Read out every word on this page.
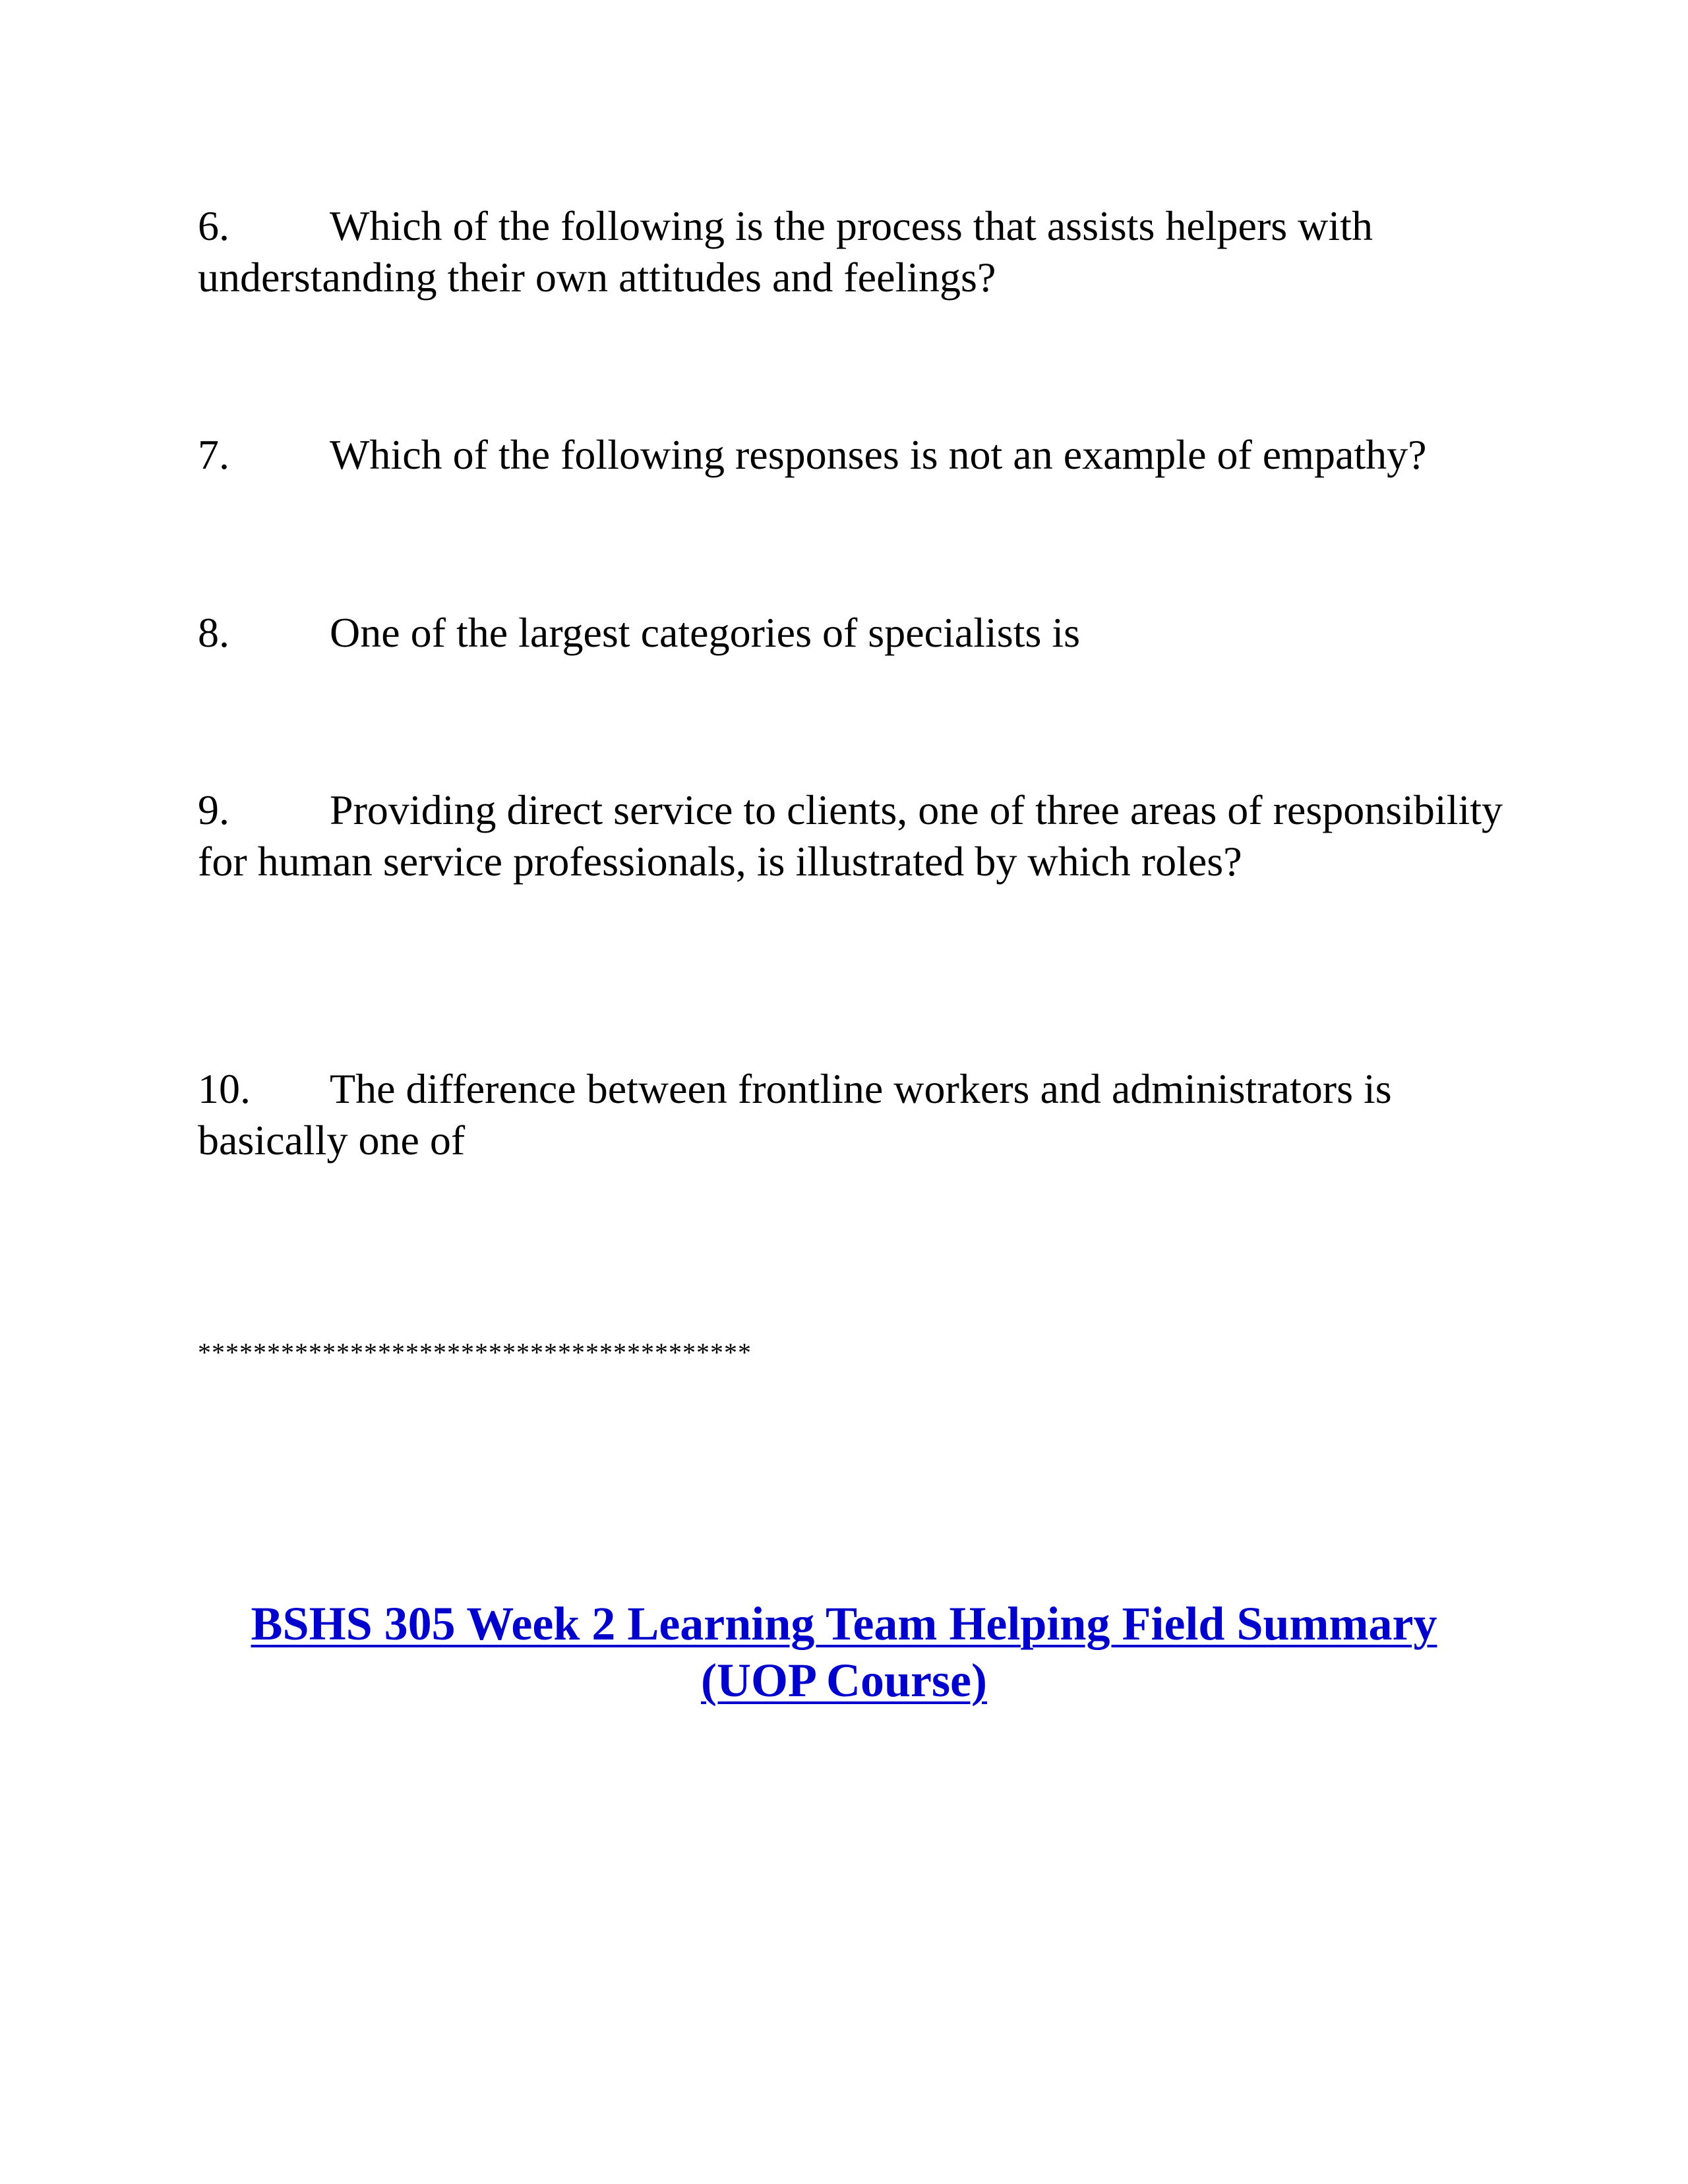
6. Which of the following is the process that assists helpers with understanding their own attitudes and feelings?

7. Which of the following responses is not an example of empathy?

8. One of the largest categories of specialists is

9. Providing direct service to clients, one of three areas of responsibility for human service professionals, is illustrated by which roles?

10. The difference between frontline workers and administrators is basically one of

****************************************

BSHS 305 Week 2 Learning Team Helping Field Summary (UOP Course)
